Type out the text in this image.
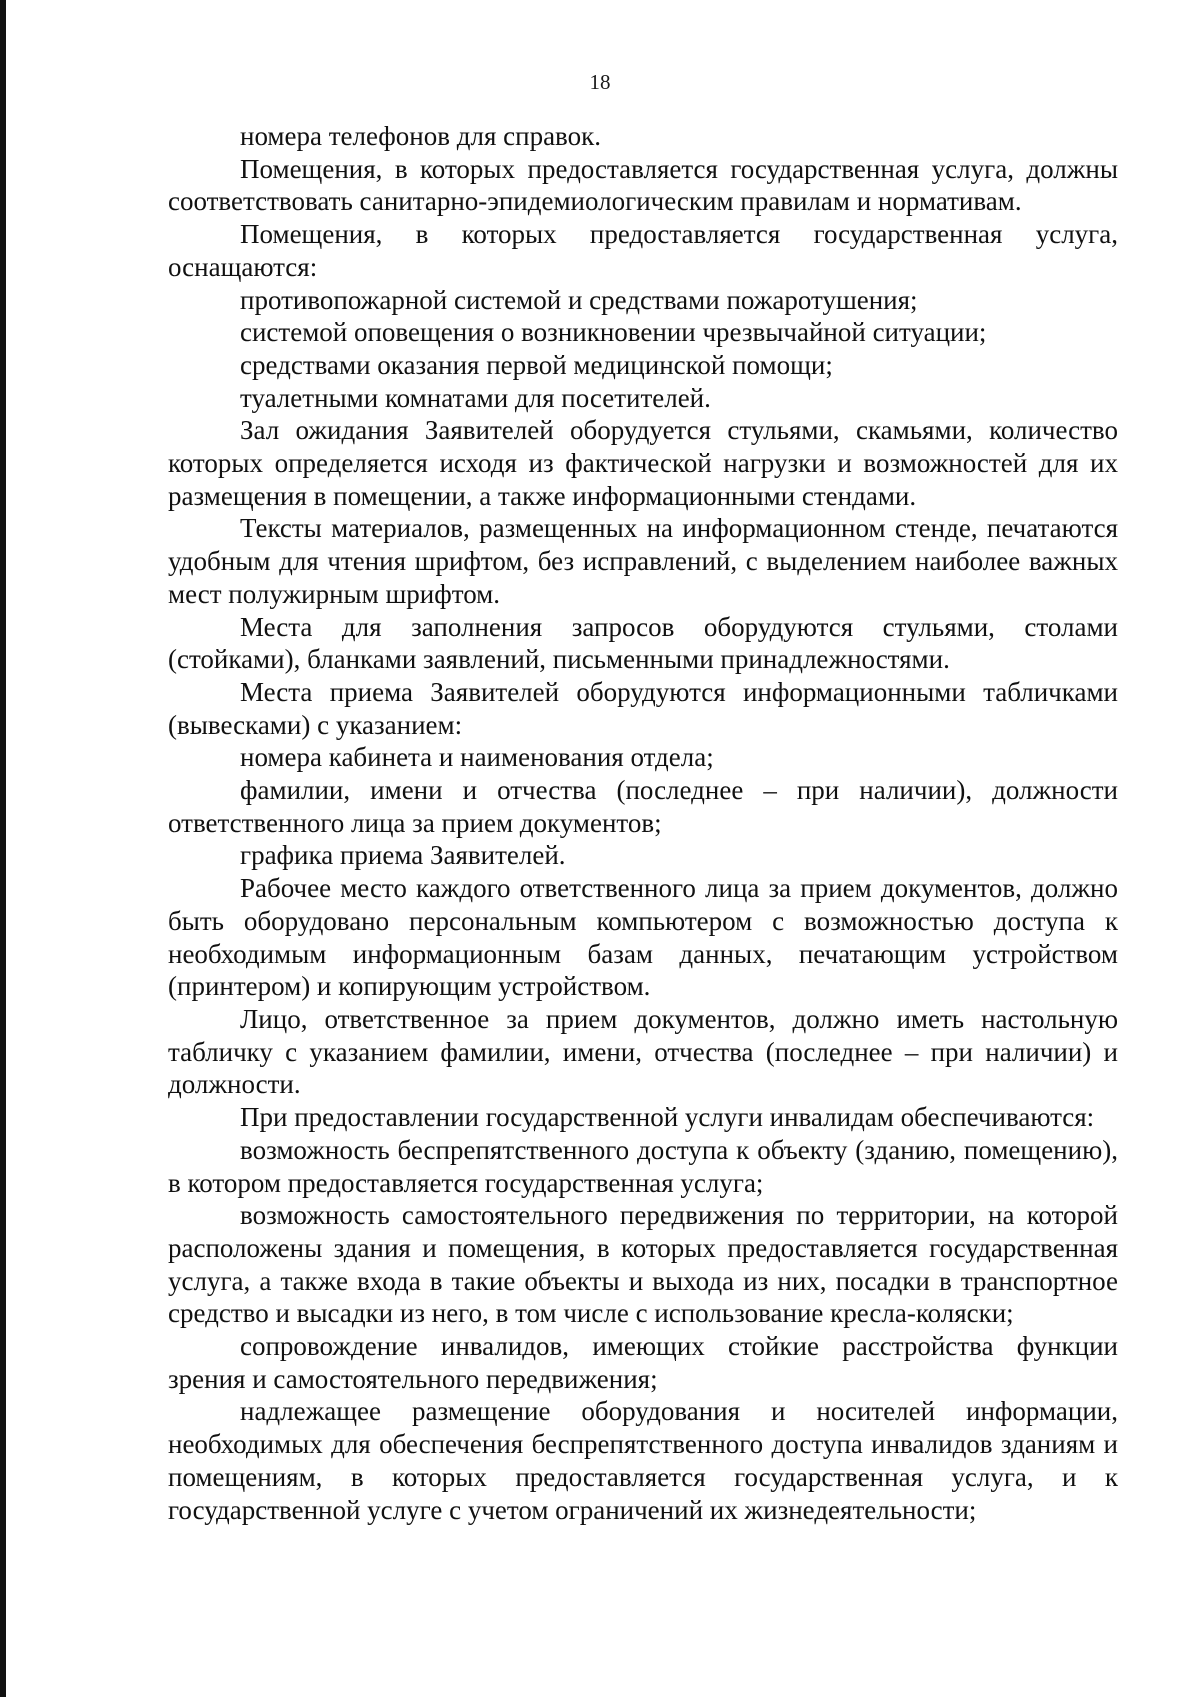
18

номера телефонов для справок.

Помещения, в которых предоставляется государственная услуга, должны соответствовать санитарно-эпидемиологическим правилам и нормативам.

Помещения, в которых предоставляется государственная услуга, оснащаются:

противопожарной системой и средствами пожаротушения;

системой оповещения о возникновении чрезвычайной ситуации;

средствами оказания первой медицинской помощи;

туалетными комнатами для посетителей.

Зал ожидания Заявителей оборудуется стульями, скамьями, количество которых определяется исходя из фактической нагрузки и возможностей для их размещения в помещении, а также информационными стендами.

Тексты материалов, размещенных на информационном стенде, печатаются удобным для чтения шрифтом, без исправлений, с выделением наиболее важных мест полужирным шрифтом.

Места для заполнения запросов оборудуются стульями, столами (стойками), бланками заявлений, письменными принадлежностями.

Места приема Заявителей оборудуются информационными табличками (вывесками) с указанием:

номера кабинета и наименования отдела;

фамилии, имени и отчества (последнее – при наличии), должности ответственного лица за прием документов;

графика приема Заявителей.

Рабочее место каждого ответственного лица за прием документов, должно быть оборудовано персональным компьютером с возможностью доступа к необходимым информационным базам данных, печатающим устройством (принтером) и копирующим устройством.

Лицо, ответственное за прием документов, должно иметь настольную табличку с указанием фамилии, имени, отчества (последнее – при наличии) и должности.

При предоставлении государственной услуги инвалидам обеспечиваются:

возможность беспрепятственного доступа к объекту (зданию, помещению), в котором предоставляется государственная услуга;

возможность самостоятельного передвижения по территории, на которой расположены здания и помещения, в которых предоставляется государственная услуга, а также входа в такие объекты и выхода из них, посадки в транспортное средство и высадки из него, в том числе с использование кресла-коляски;

сопровождение инвалидов, имеющих стойкие расстройства функции зрения и самостоятельного передвижения;

надлежащее размещение оборудования и носителей информации, необходимых для обеспечения беспрепятственного доступа инвалидов зданиям и помещениям, в которых предоставляется государственная услуга, и к государственной услуге с учетом ограничений их жизнедеятельности;
